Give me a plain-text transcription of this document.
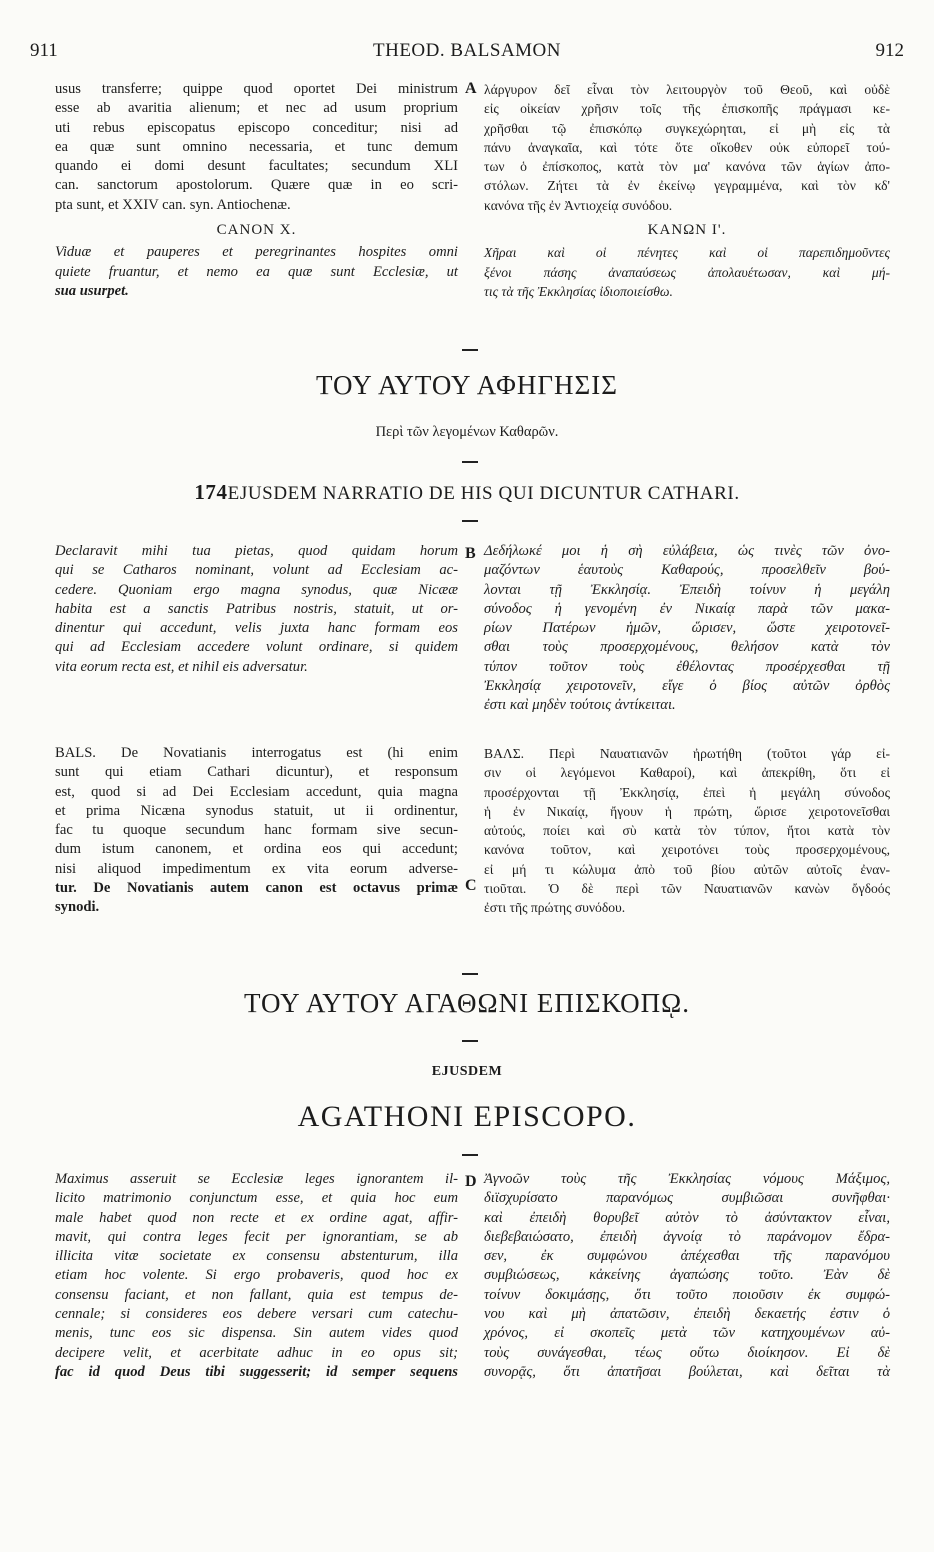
911	THEOD. BALSAMON	912

usus transferre; quippe quod oportet Dei ministrum

esse ab avaritia alienum; et nec ad usum proprium

uti rebus episcopatus episcopo conceditur; nisi ad

ea quæ sunt omnino necessaria, et tunc demum

quando ei domi desunt facultates; secundum XLI

can. sanctorum apostolorum. Quære quæ in eo scri-

pta sunt, et XXIV can. syn. Antiochenæ.

CANON X.

Viduæ et pauperes et peregrinantes hospites omni

quiete fruantur, et nemo ea quæ sunt Ecclesiæ, ut

sua usurpet.

A λάργυρον δεῖ εἶναι τὸν λειτουργὸν τοῦ Θεοῦ, καὶ οὐδὲ

εἰς οἰκείαν χρῆσιν τοῖς τῆς ἐπισκοπῆς πράγμασι κε-

χρῆσθαι τῷ ἐπισκόπῳ συγκεχώρηται, εἰ μὴ εἰς τὰ

πάνυ ἀναγκαῖα, καὶ τότε ὅτε οἴκοθεν οὐκ εὐπορεῖ τού-

των ὁ ἐπίσκοπος, κατὰ τὸν μα' κανόνα τῶν ἁγίων ἀπο-

στόλων. Ζήτει τὰ ἐν ἐκείνῳ γεγραμμένα, καὶ τὸν κδ'

κανόνα τῆς ἐν Ἀντιοχείᾳ συνόδου.

ΚΑΝΩΝ Ι'.

Χῆραι καὶ οἱ πένητες καὶ οἱ παρεπιδημοῦντες

ξένοι πάσης ἀναπαύσεως ἀπολαυέτωσαν, καὶ μή-

τις τὰ τῆς Ἐκκλησίας ἰδιοποιείσθω.

ΤΟΥ ΑΥΤΟΥ ΑΦΗΓΗΣΙΣ
Περὶ τῶν λεγομένων Καθαρῶν.
174EJUSDEM NARRATIO DE HIS QUI DICUNTUR CATHARI.

Declaravit mihi tua pietas, quod quidam horum

qui se Catharos nominant, volunt ad Ecclesiam ac-

cedere. Quoniam ergo magna synodus, quæ Nicææ

habita est a sanctis Patribus nostris, statuit, ut or-

dinentur qui accedunt, velis juxta hanc formam eos

qui ad Ecclesiam accedere volunt ordinare, si quidem

vita eorum recta est, et nihil eis adversatur.

B Δεδήλωκέ μοι ἡ σὴ εὐλάβεια, ὡς τινὲς τῶν ὀνο-

μαζόντων ἑαυτοὺς Καθαρούς, προσελθεῖν βού-

λονται τῇ Ἐκκλησίᾳ. Ἐπειδὴ τοίνυν ἡ μεγάλη

σύνοδος ἡ γενομένη ἐν Νικαίᾳ παρὰ τῶν μακα-

ρίων Πατέρων ἡμῶν, ὥρισεν, ὥστε χειροτονεῖ-

σθαι τοὺς προσερχομένους, θελήσον κατὰ τὸν

τύπον τοῦτον τοὺς ἐθέλοντας προσέρχεσθαι τῇ

Ἐκκλησίᾳ χειροτονεῖν, εἴγε ὁ βίος αὐτῶν ὀρθὸς

ἐστι καὶ μηδὲν τούτοις ἀντίκειται.

BALS. De Novatianis interrogatus est (hi enim

sunt qui etiam Cathari dicuntur), et responsum

est, quod si ad Dei Ecclesiam accedunt, quia magna

et prima Nicæna synodus statuit, ut ii ordinentur,

fac tu quoque secundum hanc formam sive secun-

dum istum canonem, et ordina eos qui accedunt;

nisi aliquod impedimentum ex vita eorum adverse-

tur. De Novatianis autem canon est octavus primæ

synodi.

C

ΒΑΛΣ. Περὶ Ναυατιανῶν ἠρωτήθη (τοῦτοι γάρ εἰ-

σιν οἱ λεγόμενοι Καθαροί), καὶ ἀπεκρίθη, ὅτι εἰ

προσέρχονται τῇ Ἐκκλησίᾳ, ἐπεὶ ἡ μεγάλη σύνοδος

ἡ ἐν Νικαίᾳ, ἤγουν ἡ πρώτη, ὥρισε χειροτονεῖσθαι

αὐτούς, ποίει καὶ σὺ κατὰ τὸν τύπον, ἤτοι κατὰ τὸν

κανόνα τοῦτον, καὶ χειροτόνει τοὺς προσερχομένους,

εἰ μή τι κώλυμα ἀπὸ τοῦ βίου αὐτῶν αὐτοῖς ἐναν-

τιοῦται. Ὁ δὲ περὶ τῶν Ναυατιανῶν κανὼν ὄγδοός

ἐστι τῆς πρώτης συνόδου.

ΤΟΥ ΑΥΤΟΥ ΑΓΑΘΩΝΙ ΕΠΙΣΚΟΠῼ.
EJUSDEM
AGATHONI EPISCOPO.

Maximus asseruit se Ecclesiæ leges ignorantem il-

licito matrimonio conjunctum esse, et quia hoc eum

male habet quod non recte et ex ordine agat, affir-

mavit, qui contra leges fecit per ignorantiam, se ab

illicita vitæ societate ex consensu abstenturum, illa

etiam hoc volente. Si ergo probaveris, quod hoc ex

consensu faciant, et non fallant, quia est tempus de-

cennale; si consideres eos debere versari cum catechu-

menis, tunc eos sic dispensa. Sin autem vides quod

decipere velit, et acerbitate adhuc in eo opus sit;

fac id quod Deus tibi suggesserit; id semper sequens

D Ἀγνοῶν τοὺς τῆς Ἐκκλησίας νόμους Μάξιμος,

διϊσχυρίσατο παρανόμως συμβιῶσαι συνῆφθαι·

καὶ ἐπειδὴ θορυβεῖ αὐτὸν τὸ ἀσύντακτον εἶναι,

διεβεβαιώσατο, ἐπειδὴ ἀγνοίᾳ τὸ παράνομον ἔδρα-

σεν, ἐκ συμφώνου ἀπέχεσθαι τῆς παρανόμου

συμβιώσεως, κἀκείνης ἀγαπώσης τοῦτο. Ἐὰν δὲ

τοίνυν δοκιμάσῃς, ὅτι τοῦτο ποιοῦσιν ἐκ συμφώ-

νου καὶ μὴ ἀπατῶσιν, ἐπειδὴ δεκαετής ἐστιν ὁ

χρόνος, εἰ σκοπεῖς μετὰ τῶν κατηχουμένων αὐ-

τοὺς συνάγεσθαι, τέως οὕτω διοίκησον. Εἰ δὲ

συνορᾷς, ὅτι ἀπατῆσαι βούλεται, καὶ δεῖται τὰ
